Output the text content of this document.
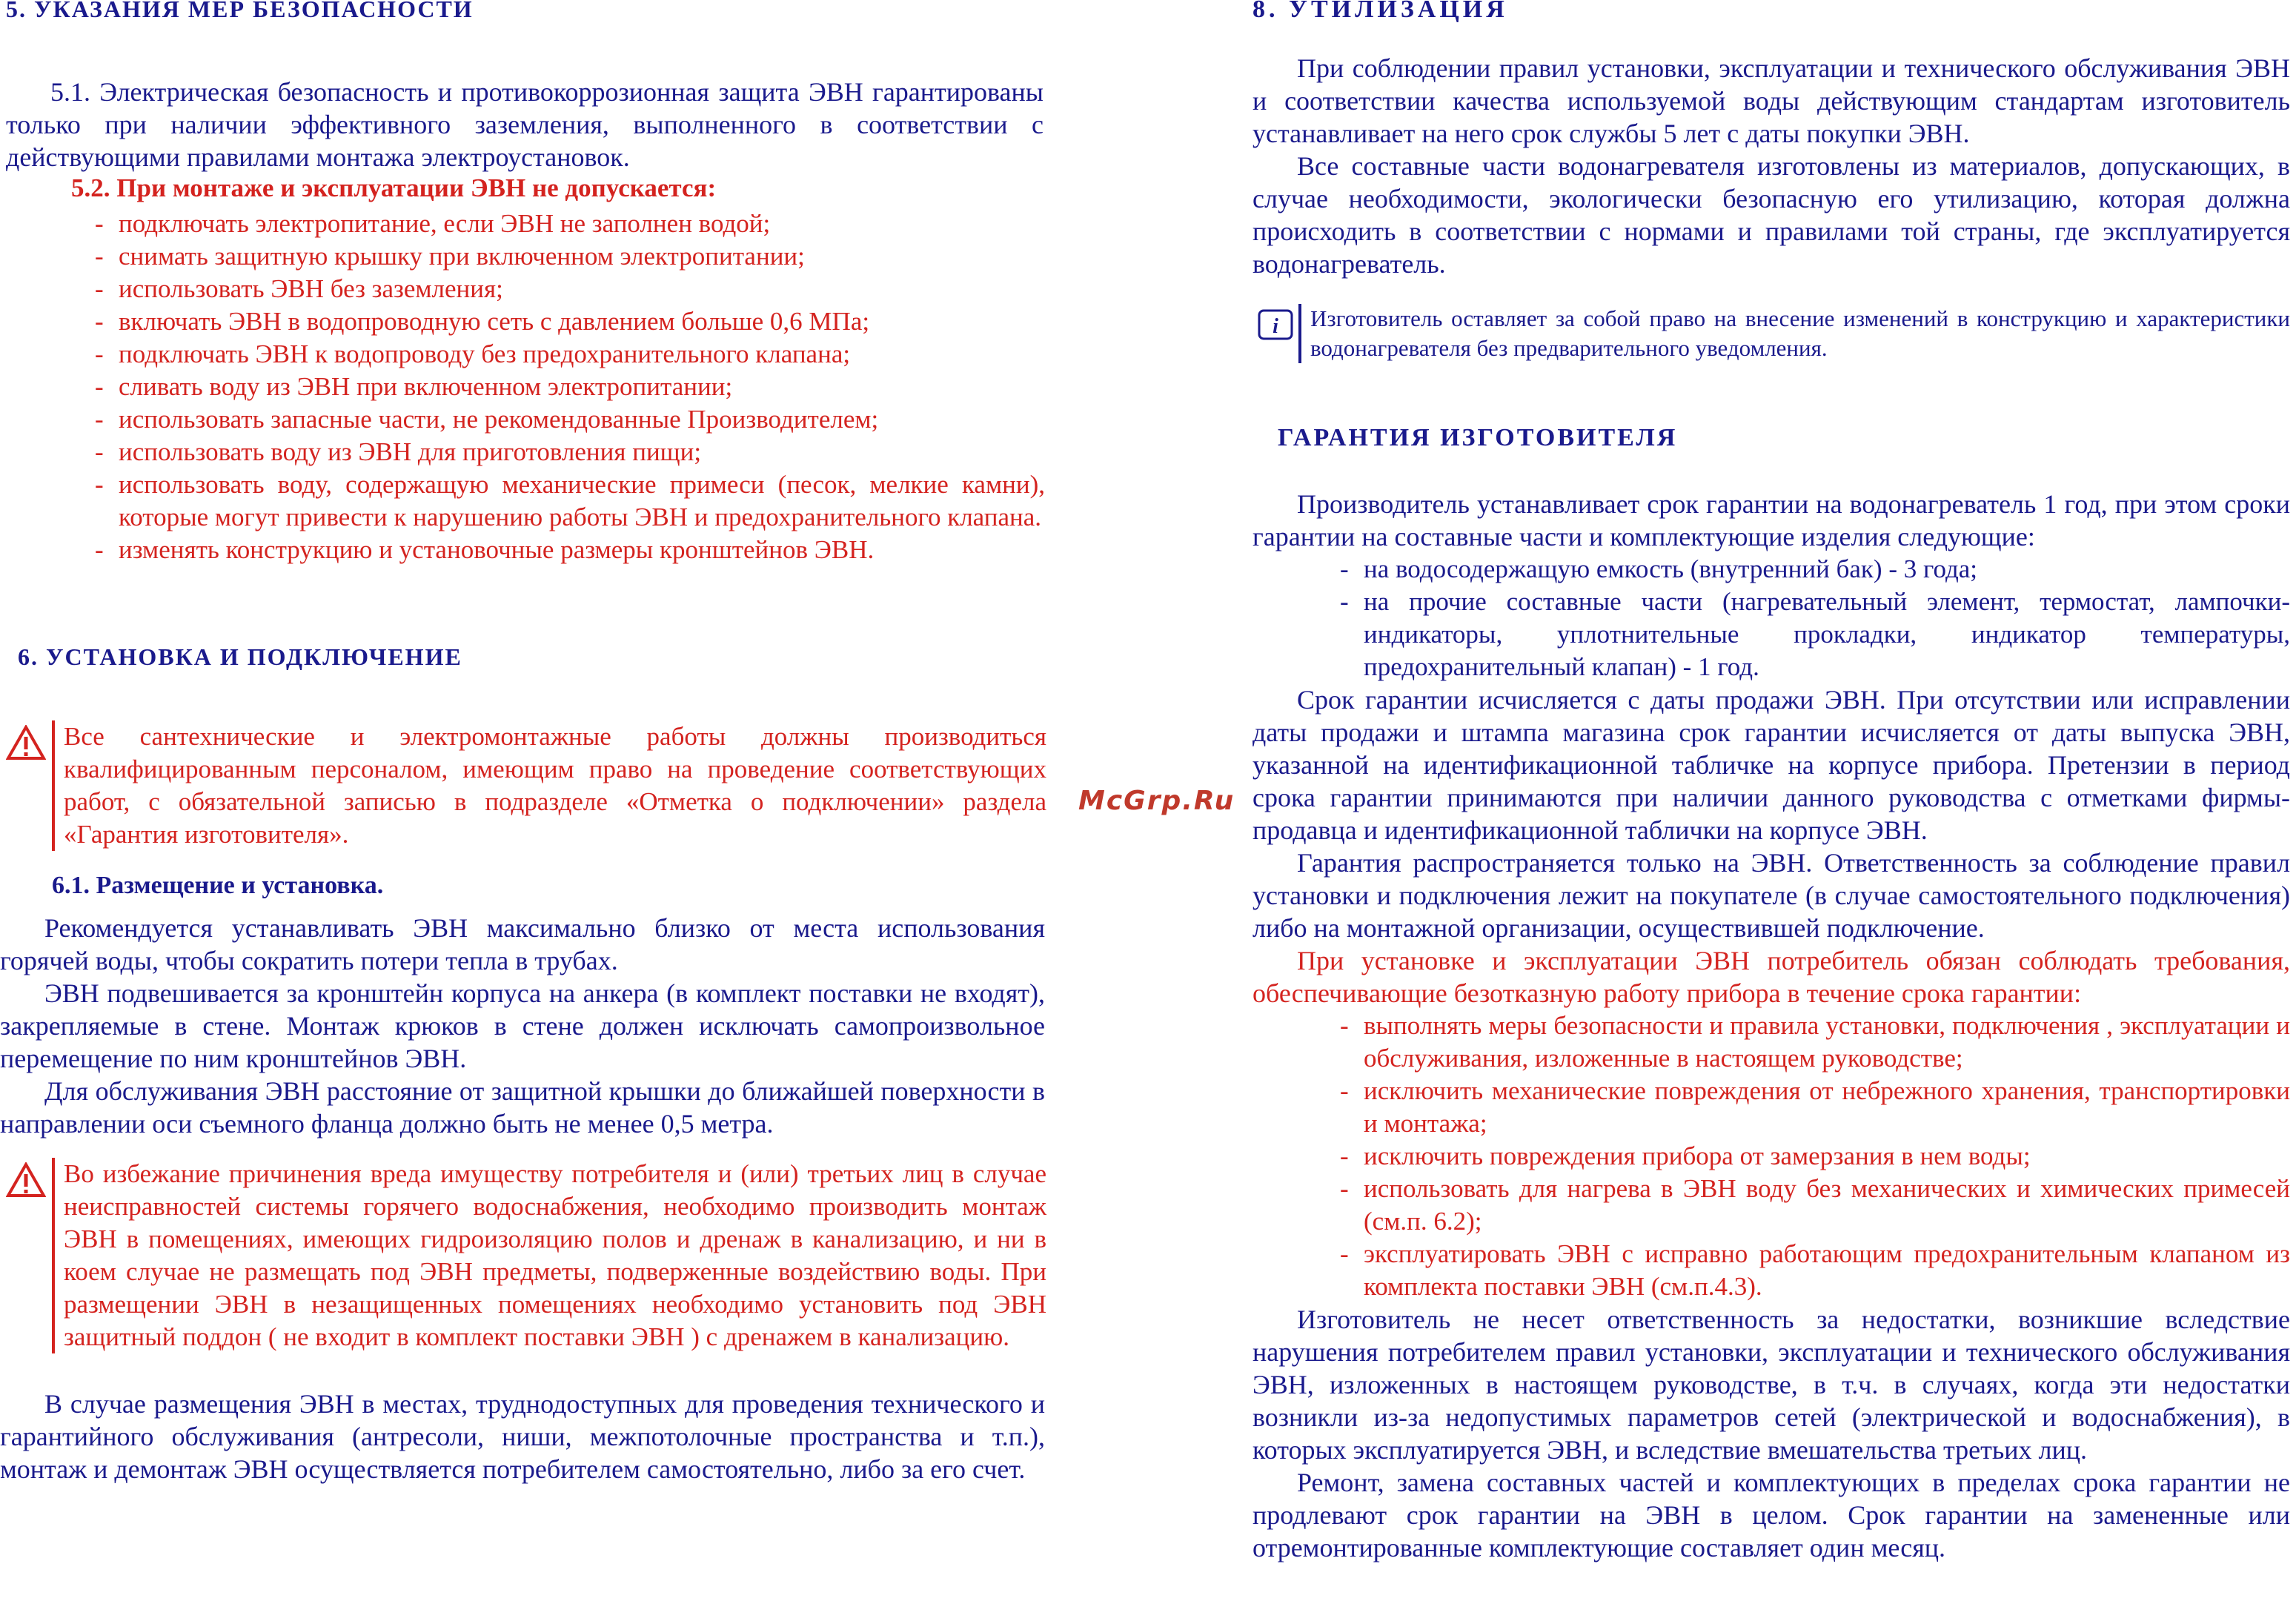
5. УКАЗАНИЯ МЕР БЕЗОПАСНОСТИ

5.1. Электрическая безопасность и противокоррозионная защита ЭВН гарантированы только при наличии эффективного заземления, выполненного в соответствии с действующими правилами монтажа электроустановок.

5.2. При монтаже и эксплуатации ЭВН не допускается:
- подключать электропитание, если ЭВН не заполнен водой;
- снимать защитную крышку при включенном электропитании;
- использовать ЭВН без заземления;
- включать ЭВН в водопроводную сеть с давлением больше 0,6 МПа;
- подключать ЭВН к водопроводу без предохранительного клапана;
- сливать воду из ЭВН при включенном электропитании;
- использовать запасные части, не рекомендованные Производителем;
- использовать воду из ЭВН для приготовления пищи;
- использовать воду, содержащую механические примеси (песок, мелкие камни), которые могут привести к нарушению работы ЭВН и предохранительного клапана.
- изменять конструкцию и установочные размеры кронштейнов ЭВН.
6. УСТАНОВКА И ПОДКЛЮЧЕНИЕ
Все сантехнические и электромонтажные работы должны производиться квалифицированным персоналом, имеющим право на проведение соответствующих работ, с обязательной записью в подразделе «Отметка о подключении» раздела «Гарантия изготовителя».
6.1. Размещение и установка.

Рекомендуется устанавливать ЭВН максимально близко от места использования горячей воды, чтобы сократить потери тепла в трубах.

ЭВН подвешивается за кронштейн корпуса на анкера (в комплект поставки не входят), закрепляемые в стене. Монтаж крюков в стене должен исключать самопроизвольное перемещение по ним кронштейнов ЭВН.

Для обслуживания ЭВН расстояние от защитной крышки до ближайшей поверхности в направлении оси съемного фланца должно быть не менее 0,5 метра.

Во избежание причинения вреда имуществу потребителя и (или) третьих лиц в случае неисправностей системы горячего водоснабжения, необходимо производить монтаж ЭВН в помещениях, имеющих гидроизоляцию полов и дренаж в канализацию, и ни в коем случае не размещать под ЭВН предметы, подверженные воздействию воды. При размещении ЭВН в незащищенных помещениях необходимо установить под ЭВН защитный поддон ( не входит в комплект поставки ЭВН ) с дренажем в канализацию.

В случае размещения ЭВН в местах, труднодоступных для проведения технического и гарантийного обслуживания (антресоли, ниши, межпотолочные пространства и т.п.), монтаж и демонтаж ЭВН осуществляется потребителем самостоятельно, либо за его счет.

McGrp.Ru
8. УТИЛИЗАЦИЯ

При соблюдении правил установки, эксплуатации и технического обслуживания ЭВН и соответствии качества используемой воды действующим стандартам изготовитель устанавливает на него срок службы 5 лет с даты покупки ЭВН.

Все составные части водонагревателя изготовлены из материалов, допускающих, в случае необходимости, экологически безопасную его утилизацию, которая должна происходить в соответствии с нормами и правилами той страны, где эксплуатируется водонагреватель.

i Изготовитель оставляет за собой право на внесение изменений в конструкцию и характеристики водонагревателя без предварительного уведомления.
ГАРАНТИЯ ИЗГОТОВИТЕЛЯ

Производитель устанавливает срок гарантии на водонагреватель 1 год, при этом сроки гарантии на составные части и комплектующие изделия следующие:

- на водосодержащую емкость (внутренний бак) - 3 года;
- на прочие составные части (нагревательный элемент, термостат, лампочки-индикаторы, уплотнительные прокладки, индикатор температуры, предохранительный клапан) - 1 год.

Срок гарантии исчисляется с даты продажи ЭВН. При отсутствии или исправлении даты продажи и штампа магазина срок гарантии исчисляется от даты выпуска ЭВН, указанной на идентификационной табличке на корпусе прибора. Претензии в период срока гарантии принимаются при наличии данного руководства с отметками фирмы-продавца и идентификационной таблички на корпусе ЭВН.

Гарантия распространяется только на ЭВН. Ответственность за соблюдение правил установки и подключения лежит на покупателе (в случае самостоятельного подключения) либо на монтажной организации, осуществившей подключение.

При установке и эксплуатации ЭВН потребитель обязан соблюдать требования, обеспечивающие безотказную работу прибора в течение срока гарантии:

- выполнять меры безопасности и правила установки, подключения , эксплуатации и обслуживания, изложенные в настоящем руководстве;
- исключить механические повреждения от небрежного хранения, транспортировки и монтажа;
- исключить повреждения прибора от замерзания в нем воды;
- использовать для нагрева в ЭВН воду без механических и химических примесей (см.п. 6.2);
- эксплуатировать ЭВН с исправно работающим предохранительным клапаном из комплекта поставки ЭВН (см.п.4.3).

Изготовитель не несет ответственность за недостатки, возникшие вследствие нарушения потребителем правил установки, эксплуатации и технического обслуживания ЭВН, изложенных в настоящем руководстве, в т.ч. в случаях, когда эти недостатки возникли из-за недопустимых параметров сетей (электрической и водоснабжения), в которых эксплуатируется ЭВН, и вследствие вмешательства третьих лиц.

Ремонт, замена составных частей и комплектующих в пределах срока гарантии не продлевают срок гарантии на ЭВН в целом. Срок гарантии на замененные или отремонтированные комплектующие составляет один месяц.
